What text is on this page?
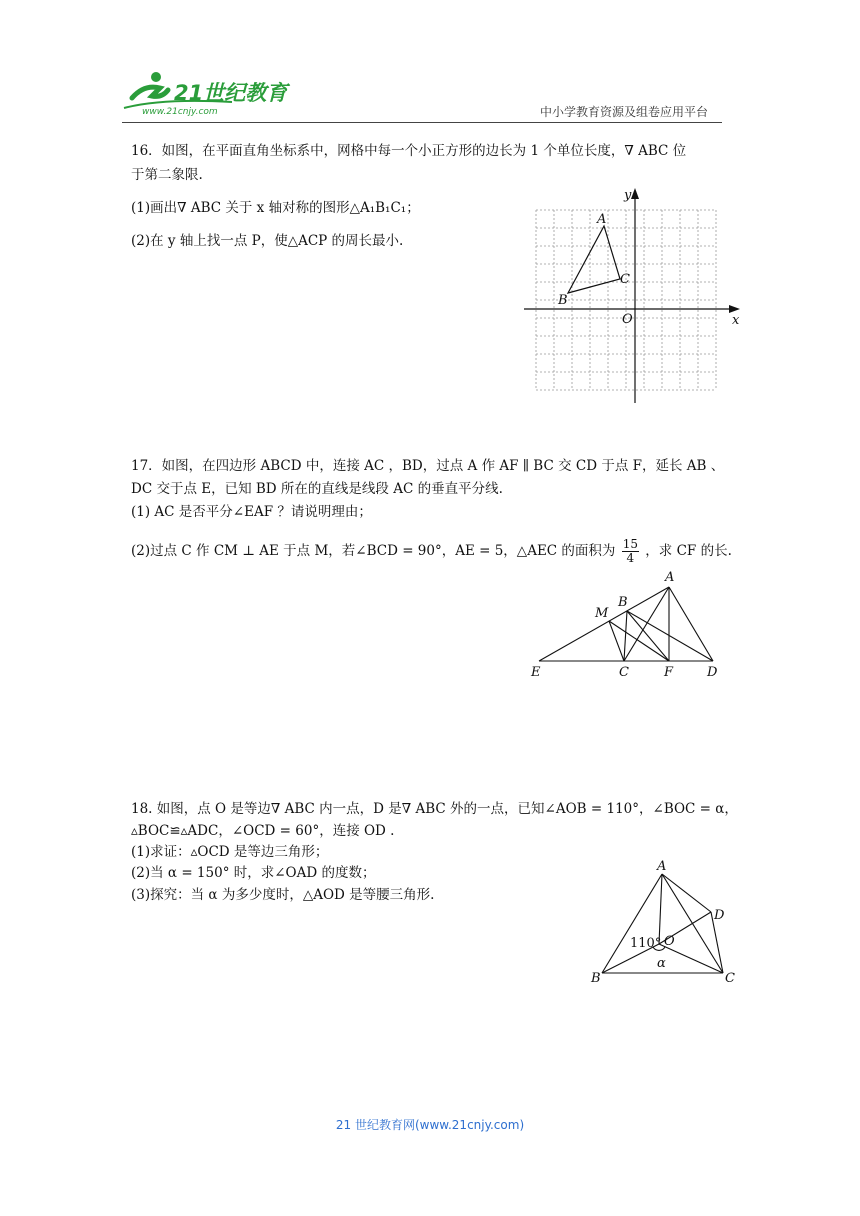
21世纪教育
www.21cnjy.com	中小学教育资源及组卷应用平台
16．如图，在平面直角坐标系中，网格中每一个小正方形的边长为 1 个单位长度，∇ ABC 位
于第二象限.
(1)画出∇ ABC 关于 x 轴对称的图形△A₁B₁C₁；
(2)在 y 轴上找一点 P，使△ACP 的周长最小.
A
B
C
O	x
y
17．如图，在四边形 ABCD 中，连接 AC ，BD，过点 A 作 AF ∥ BC 交 CD 于点 F，延长 AB 、
DC 交于点 E，已知 BD 所在的直线是线段 AC 的垂直平分线.
(1) AC 是否平分∠EAF ？请说明理由；
(2)过点 C 作 CM ⊥ AE 于点 M，若∠BCD = 90°，AE = 5，△AEC 的面积为 $\frac{15}{4}$ ，求 CF 的长.
A
B
C	D
E	F
M
18. 如图，点 O 是等边∇ ABC 内一点，D 是∇ ABC 外的一点，已知∠AOB = 110°，∠BOC = α，
▵BOC≌▵ADC，∠OCD = 60°，连接 OD .
(1)求证：▵OCD 是等边三角形；
(2)当 α = 150° 时，求∠OAD 的度数；
(3)探究：当 α 为多少度时，△AOD 是等腰三角形.
A
B	C
D
O
110°
α
21 世纪教育网(www.21cnjy.com)
